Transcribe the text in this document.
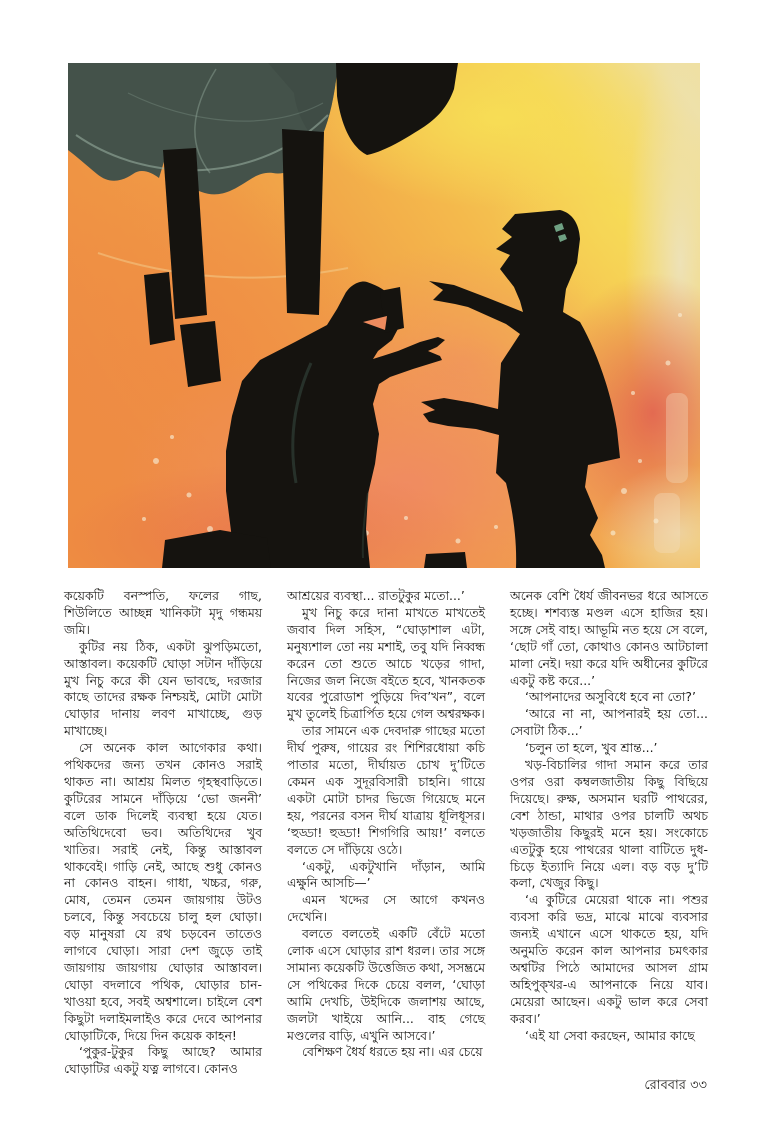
কয়েকটি বনস্পতি, ফলের গাছ, শিউলিতে আচ্ছন্ন খানিকটা মৃদু গন্ধময় জমি।

কুটির নয় ঠিক, একটা ঝুপড়িমতো, আস্তাবল। কয়েকটি ঘোড়া সটান দাঁড়িয়ে মুখ নিচু করে কী যেন ভাবছে, দরজার কাছে তাদের রক্ষক নিশ্চয়ই, মোটা মোটা ঘোড়ার দানায় লবণ মাখাচ্ছে, গুড় মাখাচ্ছে।

সে অনেক কাল আগেকার কথা। পথিকদের জন্য তখন কোনও সরাই থাকত না। আশ্রয় মিলত গৃহস্থবাড়িতে। কুটিরের সামনে দাঁড়িয়ে ‘ভো জননী’ বলে ডাক দিলেই ব্যবস্থা হয়ে যেত। অতিথিদেবো ভব। অতিথিদের খুব খাতির। সরাই নেই, কিন্তু আস্তাবল থাকবেই। গাড়ি নেই, আছে শুধু কোনও না কোনও বাহন। গাধা, খচ্চর, গরু, মোষ, তেমন তেমন জায়গায় উটও চলবে, কিন্তু সবচেয়ে চালু হল ঘোড়া। বড় মানুষরা যে রথ চড়বেন তাতেও লাগবে ঘোড়া। সারা দেশ জুড়ে তাই জায়গায় জায়গায় ঘোড়ার আস্তাবল। ঘোড়া বদলাবে পথিক, ঘোড়ার চান-খাওয়া হবে, সবই অশ্বশালে। চাইলে বেশ কিছুটা দলাইমলাইও করে দেবে আপনার ঘোড়াটিকে, দিয়ে দিন কয়েক কাহন!

‘পুকুর-টুকুর কিছু আছে? আমার ঘোড়াটির একটু যত্ন লাগবে। কোনও

আশ্রয়ের ব্যবস্থা... রাতটুকুর মতো...’

মুখ নিচু করে দানা মাখতে মাখতেই জবাব দিল সহিস, “ঘোড়াশাল এটা, মনুষ্যশাল তো নয় মশাই, তবু যদি নিব্বন্ধ করেন তো শুতে আচে খড়ের গাদা, নিজের জল নিজে বইতে হবে, খানকতক যবের পুরোডাশ পুড়িয়ে দিব’খন”, বলে মুখ তুলেই চিত্রার্পিত হয়ে গেল অশ্বরক্ষক।

তার সামনে এক দেবদারু গাছের মতো দীর্ঘ পুরুষ, গায়ের রং শিশিরধোয়া কচি পাতার মতো, দীর্ঘায়ত চোখ দু’টিতে কেমন এক সুদূরবিসারী চাহনি। গায়ে একটা মোটা চাদর ভিজে গিয়েছে মনে হয়, পরনের বসন দীর্ঘ যাত্রায় ধূলিধূসর। ‘হুড্ডা! হুড্ডা! শিগগিরি আয়!’ বলতে বলতে সে দাঁড়িয়ে ওঠে।

‘একটু, একটুখানি দাঁড়ান, আমি এক্ষুনি আসচি—’

এমন খদ্দের সে আগে কখনও দেখেনি।

বলতে বলতেই একটি বেঁটে মতো লোক এসে ঘোড়ার রাশ ধরল। তার সঙ্গে সামান্য কয়েকটি উত্তেজিত কথা, সসম্ভ্রমে সে পথিকের দিকে চেয়ে বলল, ‘ঘোড়া আমি দেখচি, উইদিকে জলাশয় আছে, জলটা খাইয়ে আনি... বাহ গেছে মণ্ডলের বাড়ি, এখুনি আসবে।’

বেশিক্ষণ ধৈর্য ধরতে হয় না। এর চেয়ে

অনেক বেশি ধৈর্য জীবনভর ধরে আসতে হচ্ছে। শশব্যস্ত মণ্ডল এসে হাজির হয়। সঙ্গে সেই বাহ। আভূমি নত হয়ে সে বলে, ‘ছোট গাঁ তো, কোথাও কোনও আটচালা মালা নেই। দয়া করে যদি অধীনের কুটিরে একটু কষ্ট করে...’

‘আপনাদের অসুবিধে হবে না তো?’

‘আরে না না, আপনারই হয় তো... সেবাটা ঠিক...’

‘চলুন তা হলে, খুব শ্রান্ত...’

খড়-বিচালির গাদা সমান করে তার ওপর ওরা কম্বলজাতীয় কিছু বিছিয়ে দিয়েছে। রুক্ষ, অসমান ঘরটি পাথরের, বেশ ঠান্ডা, মাথার ওপর চালটি অথচ খড়জাতীয় কিছুরই মনে হয়। সংকোচে এতটুকু হয়ে পাথরের থালা বাটিতে দুধ-চিড়ে ইত্যাদি নিয়ে এল। বড় বড় দু’টি কলা, খেজুর কিছু।

‘এ কুটিরে মেয়েরা থাকে না। পশুর ব্যবসা করি ভদ্র, মাঝে মাঝে ব্যবসার জন্যই এখানে এসে থাকতে হয়, যদি অনুমতি করেন কাল আপনার চমৎকার অশ্বটির পিঠে আমাদের আসল গ্রাম অহিপুক্‌খর-এ আপনাকে নিয়ে যাব। মেয়েরা আছেন। একটু ভাল করে সেবা করব।’

‘এই যা সেবা করছেন, আমার কাছে

রোববার ৩৩
